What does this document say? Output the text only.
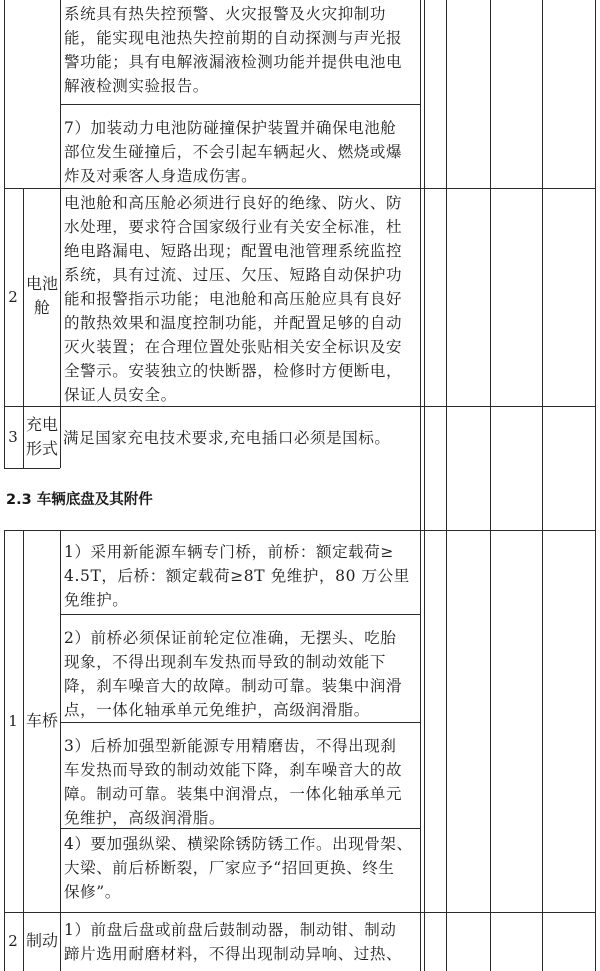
系统具有热失控预警、火灾报警及火灾抑制功
能，能实现电池热失控前期的自动探测与声光报
警功能；具有电解液漏液检测功能并提供电池电
解液检测实验报告。
7）加装动力电池防碰撞保护装置并确保电池舱
部位发生碰撞后，不会引起车辆起火、燃烧或爆
炸及对乘客人身造成伤害。
2
电池
舱
电池舱和高压舱必须进行良好的绝缘、防火、防
水处理，要求符合国家级行业有关安全标准，杜
绝电路漏电、短路出现；配置电池管理系统监控
系统，具有过流、过压、欠压、短路自动保护功
能和报警指示功能；电池舱和高压舱应具有良好
的散热效果和温度控制功能，并配置足够的自动
灭火装置；在合理位置处张贴相关安全标识及安
全警示。安装独立的快断器，检修时方便断电，
保证人员安全。
3
充电
形式
满足国家充电技术要求,充电插口必须是国标。
2.3 车辆底盘及其附件
1 车桥
1）采用新能源车辆专门桥，前桥：额定载荷≥
4.5T，后桥：额定载荷≥8T 免维护，80 万公里
免维护。
2）前桥必须保证前轮定位准确，无摆头、吃胎
现象，不得出现刹车发热而导致的制动效能下
降，刹车噪音大的故障。制动可靠。装集中润滑
点，一体化轴承单元免维护，高级润滑脂。
3）后桥加强型新能源专用精磨齿，不得出现刹
车发热而导致的制动效能下降，刹车噪音大的故
障。制动可靠。装集中润滑点，一体化轴承单元
免维护，高级润滑脂。
4）要加强纵梁、横梁除锈防锈工作。出现骨架、
大梁、前后桥断裂，厂家应予“招回更换、终生
保修”。
2 制动
1）前盘后盘或前盘后鼓制动器，制动钳、制动
蹄片选用耐磨材料，不得出现制动异响、过热、
